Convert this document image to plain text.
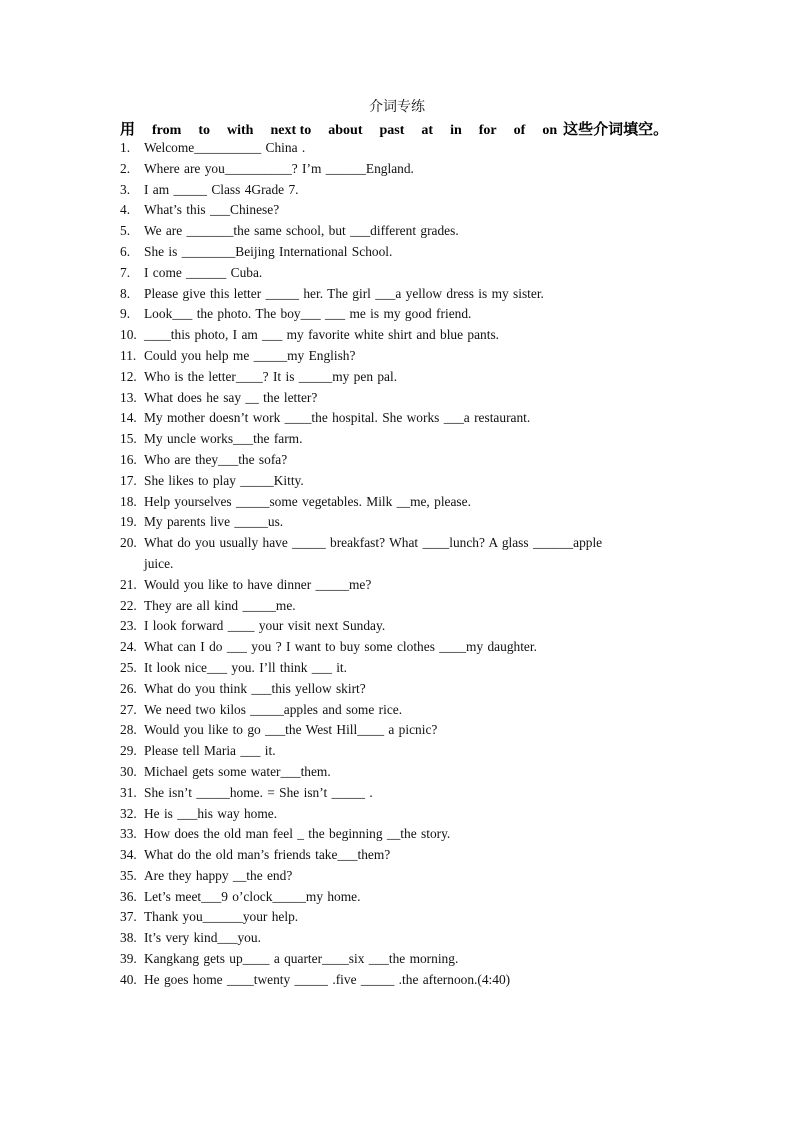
介词专练
用 from to with next to about past at in for of on 这些介词填空。
1.	Welcome__________ China .
2.	Where are you__________? I’m ______England.
3.	I am _____ Class 4Grade 7.
4.	What’s this ___Chinese?
5.	We are _______the same school, but ___different grades.
6.	She is ________Beijing International School.
7.	I come ______ Cuba.
8.	Please give this letter _____ her. The girl ___a yellow dress is my sister.
9.	Look___ the photo. The boy___ ___ me is my good friend.
10. ____this photo, I am ___ my favorite white shirt and blue pants.
11. Could you help me _____my English?
12. Who is the letter____? It is _____my pen pal.
13. What does he say __ the letter?
14. My mother doesn’t work ____the hospital. She works ___a restaurant.
15. My uncle works___the farm.
16. Who are they___the sofa?
17. She likes to play _____Kitty.
18. Help yourselves _____some vegetables. Milk __me, please.
19. My parents live _____us.
20. What do you usually have _____ breakfast? What ____lunch? A glass ______apple
juice.
21. Would you like to have dinner _____me?
22. They are all kind _____me.
23. I look forward ____ your visit next Sunday.
24. What can I do ___ you ? I want to buy some clothes ____my daughter.
25. It look nice___ you. I’ll think ___ it.
26. What do you think ___this yellow skirt?
27. We need two kilos _____apples and some rice.
28. Would you like to go ___the West Hill____ a picnic?
29. Please tell Maria ___ it.
30. Michael gets some water___them.
31. She isn’t _____home. = She isn’t _____ .
32. He is ___his way home.
33. How does the old man feel _ the beginning __the story.
34. What do the old man’s friends take___them?
35. Are they happy __the end?
36. Let’s meet___9 o’clock_____my home.
37. Thank you______your help.
38. It’s very kind___you.
39. Kangkang gets up____ a quarter____six ___the morning.
40. He goes home ____twenty _____ .five _____ .the afternoon.(4:40)
